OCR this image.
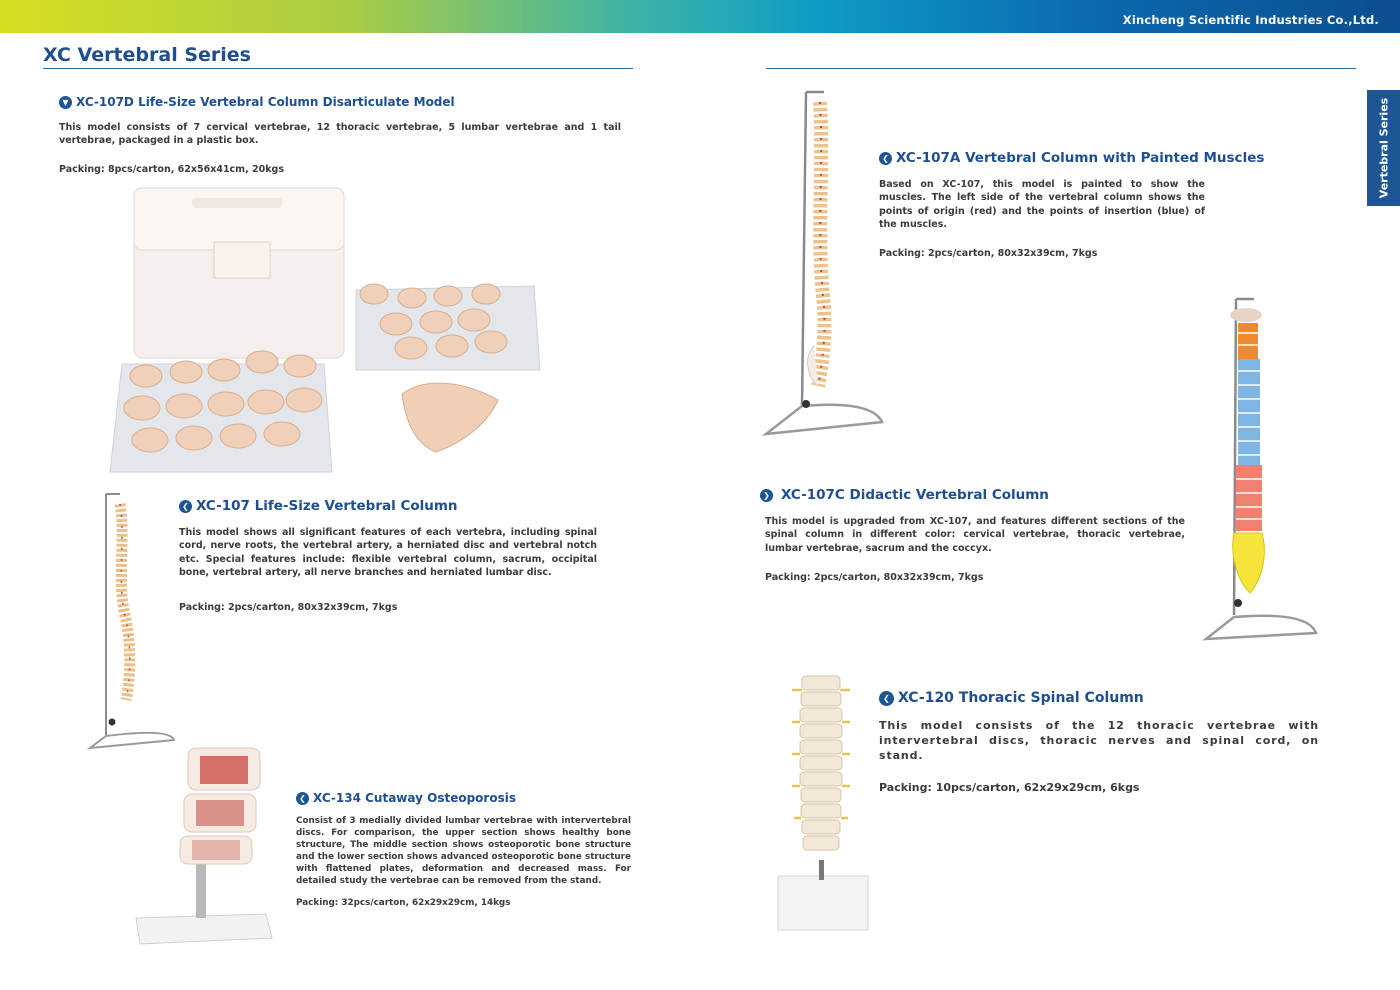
Xincheng Scientific Industries Co.,Ltd.
XC Vertebral Series
Vertebral Series
▼ XC-107D Life-Size Vertebral Column Disarticulate Model
This model consists of 7 cervical vertebrae, 12 thoracic vertebrae, 5 lumbar vertebrae and 1 tail vertebrae, packaged in a plastic box.
Packing: 8pcs/carton, 62x56x41cm, 20kgs
❮ XC-107 Life-Size Vertebral Column
This model shows all significant features of each vertebra, including spinal cord, nerve roots, the vertebral artery, a herniated disc and vertebral notch etc. Special features include: flexible vertebral column, sacrum, occipital bone, vertebral artery, all nerve branches and herniated lumbar disc.
Packing: 2pcs/carton, 80x32x39cm, 7kgs
❮ XC-134 Cutaway Osteoporosis
Consist of 3 medially divided lumbar vertebrae with intervertebral discs. For comparison, the upper section shows healthy bone structure, The middle section shows osteoporotic bone structure and the lower section shows advanced osteoporotic bone structure with flattened plates, deformation and decreased mass. For detailed study the vertebrae can be removed from the stand.
Packing: 32pcs/carton, 62x29x29cm, 14kgs
❮ XC-107A Vertebral Column with Painted Muscles
Based on XC-107, this model is painted to show the muscles. The left side of the vertebral column shows the points of origin (red) and the points of insertion (blue) of the muscles.
Packing: 2pcs/carton, 80x32x39cm, 7kgs
❯ XC-107C Didactic Vertebral Column
This model is upgraded from XC-107, and features different sections of the spinal column in different color: cervical vertebrae, thoracic vertebrae, lumbar vertebrae, sacrum and the coccyx.
Packing: 2pcs/carton, 80x32x39cm, 7kgs
❮ XC-120 Thoracic Spinal Column
This model consists of the 12 thoracic vertebrae with intervertebral discs, thoracic nerves and spinal cord, on stand.
Packing: 10pcs/carton, 62x29x29cm, 6kgs
